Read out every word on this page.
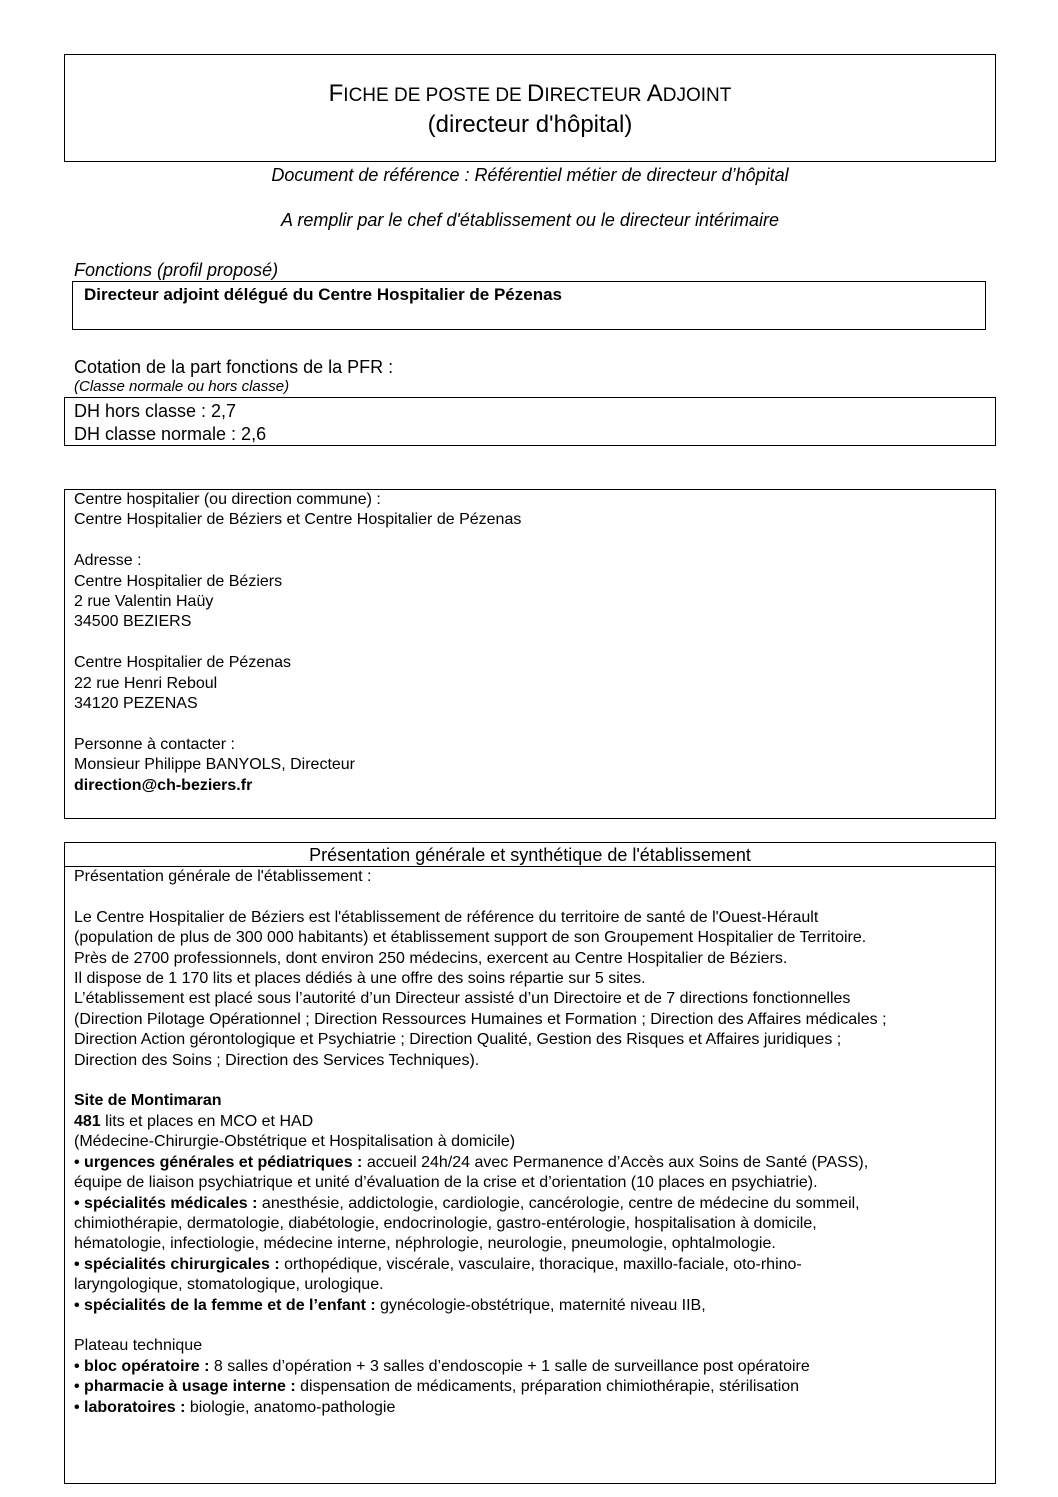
FICHE DE POSTE DE DIRECTEUR ADJOINT
(directeur d'hôpital)
Document de référence : Référentiel métier de directeur d’hôpital
A remplir par le chef d'établissement ou le directeur intérimaire
Fonctions (profil proposé)
Directeur adjoint délégué du Centre Hospitalier de Pézenas
Cotation de la part fonctions de la PFR :
(Classe normale ou hors classe)
DH hors classe : 2,7
DH classe normale : 2,6
Centre hospitalier (ou direction commune) :
Centre Hospitalier de Béziers et Centre Hospitalier de Pézenas

Adresse :
Centre Hospitalier de Béziers
2 rue Valentin Haüy
34500 BEZIERS

Centre Hospitalier de Pézenas
22 rue Henri Reboul
34120 PEZENAS

Personne à contacter :
Monsieur Philippe BANYOLS, Directeur
direction@ch-beziers.fr
Présentation générale et synthétique de l'établissement
Présentation générale de l'établissement :

Le Centre Hospitalier de Béziers est l'établissement de référence du territoire de santé de l'Ouest-Hérault
(population de plus de 300 000 habitants) et établissement support de son Groupement Hospitalier de Territoire.
Près de 2700 professionnels, dont environ 250 médecins, exercent au Centre Hospitalier de Béziers.
Il dispose de 1 170 lits et places dédiés à une offre des soins répartie sur 5 sites.
L’établissement est placé sous l’autorité d’un Directeur assisté d’un Directoire et de 7 directions fonctionnelles
(Direction Pilotage Opérationnel ; Direction Ressources Humaines et Formation ; Direction des Affaires médicales ;
Direction Action gérontologique et Psychiatrie ; Direction Qualité, Gestion des Risques et Affaires juridiques ;
Direction des Soins ; Direction des Services Techniques).

Site de Montimaran
481 lits et places en MCO et HAD
(Médecine-Chirurgie-Obstétrique et Hospitalisation à domicile)
• urgences générales et pédiatriques : accueil 24h/24 avec Permanence d’Accès aux Soins de Santé (PASS),
équipe de liaison psychiatrique et unité d’évaluation de la crise et d’orientation (10 places en psychiatrie).
• spécialités médicales : anesthésie, addictologie, cardiologie, cancérologie, centre de médecine du sommeil,
chimiothérapie, dermatologie, diabétologie, endocrinologie, gastro-entérologie, hospitalisation à domicile,
hématologie, infectiologie, médecine interne, néphrologie, neurologie, pneumologie, ophtalmologie.
• spécialités chirurgicales : orthopédique, viscérale, vasculaire, thoracique, maxillo-faciale, oto-rhino-
laryngologique, stomatologique, urologique.
• spécialités de la femme et de l’enfant : gynécologie-obstétrique, maternité niveau IIB,

Plateau technique
• bloc opératoire : 8 salles d’opération + 3 salles d’endoscopie + 1 salle de surveillance post opératoire
• pharmacie à usage interne : dispensation de médicaments, préparation chimiothérapie, stérilisation
• laboratoires : biologie, anatomo-pathologie
